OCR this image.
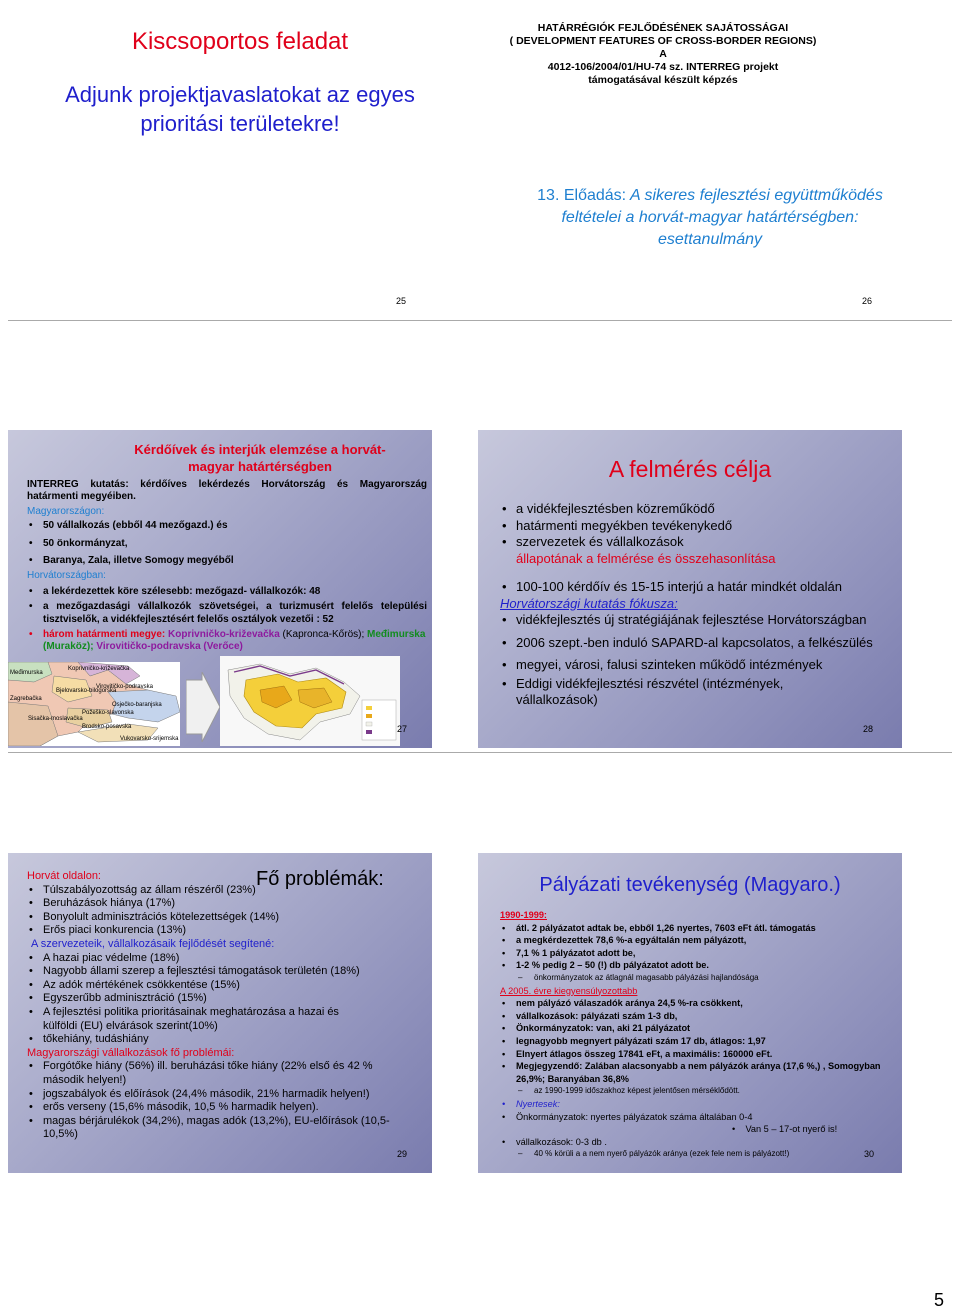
Kiscsoportos feladat
Adjunk projektjavaslatokat az egyes prioritási területekre!
25
HATÁRRÉGIÓK FEJLŐDÉSÉNEK SAJÁTOSSÁGAI
( DEVELOPMENT FEATURES OF CROSS-BORDER REGIONS)
A
4012-106/2004/01/HU-74 sz. INTERREG projekt
támogatásával készült képzés
13. Előadás: A sikeres fejlesztési együttműködés feltételei a horvát-magyar határtérségben: esettanulmány
26
Kérdőívek és interjúk elemzése a horvát-magyar határtérségben
INTERREG kutatás: kérdőíves lekérdezés Horvátország és Magyarország határmenti megyéiben.
Magyarországon:
• 50 vállalkozás (ebből 44 mezőgazd.) és
• 50 önkormányzat,
• Baranya, Zala, illetve Somogy megyéből
Horvátországban:
• a lekérdezettek köre szélesebb: mezőgazd- vállalkozók: 48
• a mezőgazdasági vállalkozók szövetségei, a turizmusért felelős települési tisztviselők, a vidékfejlesztésért felelős osztályok vezetői : 52
• három határmenti megye: Koprivničko-križevačka (Kapronca-Kőrös); Međimurska (Muraköz); Virovitičko-podravska (Verőce)
Koprivničko-križevačka
Međimurska
Bjelovarsko-bilogorska
Virovitičko-podravska
Zagrebačka
Osječko-baranjska
Požeško-slavonska
Sisačka-moslavačka
Brodsko-posavska
Vukovarsko-srijemska
27
A felmérés célja
• a vidékfejlesztésben közreműködő
• határmenti megyékben tevékenykedő
• szervezetek és vállalkozások
állapotának a felmérése és összehasonlítása
• 100-100 kérdőív és 15-15 interjú a határ mindkét oldalán
Horvátországi kutatás fókusza:
• vidékfejlesztés új stratégiájának fejlesztése Horvátországban
• 2006 szept.-ben induló SAPARD-al kapcsolatos, a felkészülés
• megyei, városi, falusi szinteken működő intézmények
• Eddigi vidékfejlesztési részvétel (intézmények, vállalkozások)
28
Fő problémák:
Horvát oldalon:
• Túlszabályozottság az állam részéről (23%)
• Beruházások hiánya (17%)
• Bonyolult adminisztrációs kötelezettségek (14%)
• Erős piaci konkurencia (13%)
A szervezeteik, vállalkozásaik fejlődését segítené:
• A hazai piac védelme (18%)
• Nagyobb állami szerep a fejlesztési támogatások területén (18%)
• Az adók mértékének csökkentése (15%)
• Egyszerűbb adminisztráció (15%)
• A fejlesztési politika prioritásainak meghatározása a hazai és külföldi (EU) elvárások szerint(10%)
• tőkehiány, tudáshiány
Magyarországi vállalkozások fő problémái:
• Forgótőke hiány (56%) ill. beruházási tőke hiány (22% első és 42 % második helyen!)
• jogszabályok és előírások (24,4% második, 21% harmadik helyen!)
• erős verseny (15,6% második, 10,5 % harmadik helyen).
• magas bérjárulékok (34,2%), magas adók (13,2%), EU-előírások (10,5-10,5%)
29
Pályázati tevékenység (Magyaro.)
1990-1999:
• átl. 2 pályázatot adtak be, ebből 1,26 nyertes, 7603 eFt átl. támogatás
• a megkérdezettek 78,6 %-a egyáltalán nem pályázott,
• 7,1 % 1 pályázatot adott be,
• 1-2 % pedig 2 – 50 (!) db pályázatot adott be.
– önkormányzatok az átlagnál magasabb pályázási hajlandósága
A 2005. évre kiegyensúlyozottabb
• nem pályázó válaszadók aránya 24,5 %-ra csökkent,
• vállalkozások: pályázati szám 1-3 db,
• Önkormányzatok: van, aki 21 pályázatot
• legnagyobb megnyert pályázati szám 17 db, átlagos: 1,97
• Elnyert átlagos összeg 17841 eFt, a maximális: 160000 eFt.
• Megjegyzendő: Zalában alacsonyabb a nem pályázók aránya (17,6 %,) , Somogyban 26,9%; Baranyában 36,8%
– az 1990-1999 időszakhoz képest jelentősen mérséklődött.
• Nyertesek:
• Önkormányzatok: nyertes pályázatok száma általában 0-4
• Van 5 – 17-ot nyerő is!
• vállalkozások: 0-3 db .
– 40 % körüli a a nem nyerő pályázók aránya (ezek fele nem is pályázott!)	30
5
